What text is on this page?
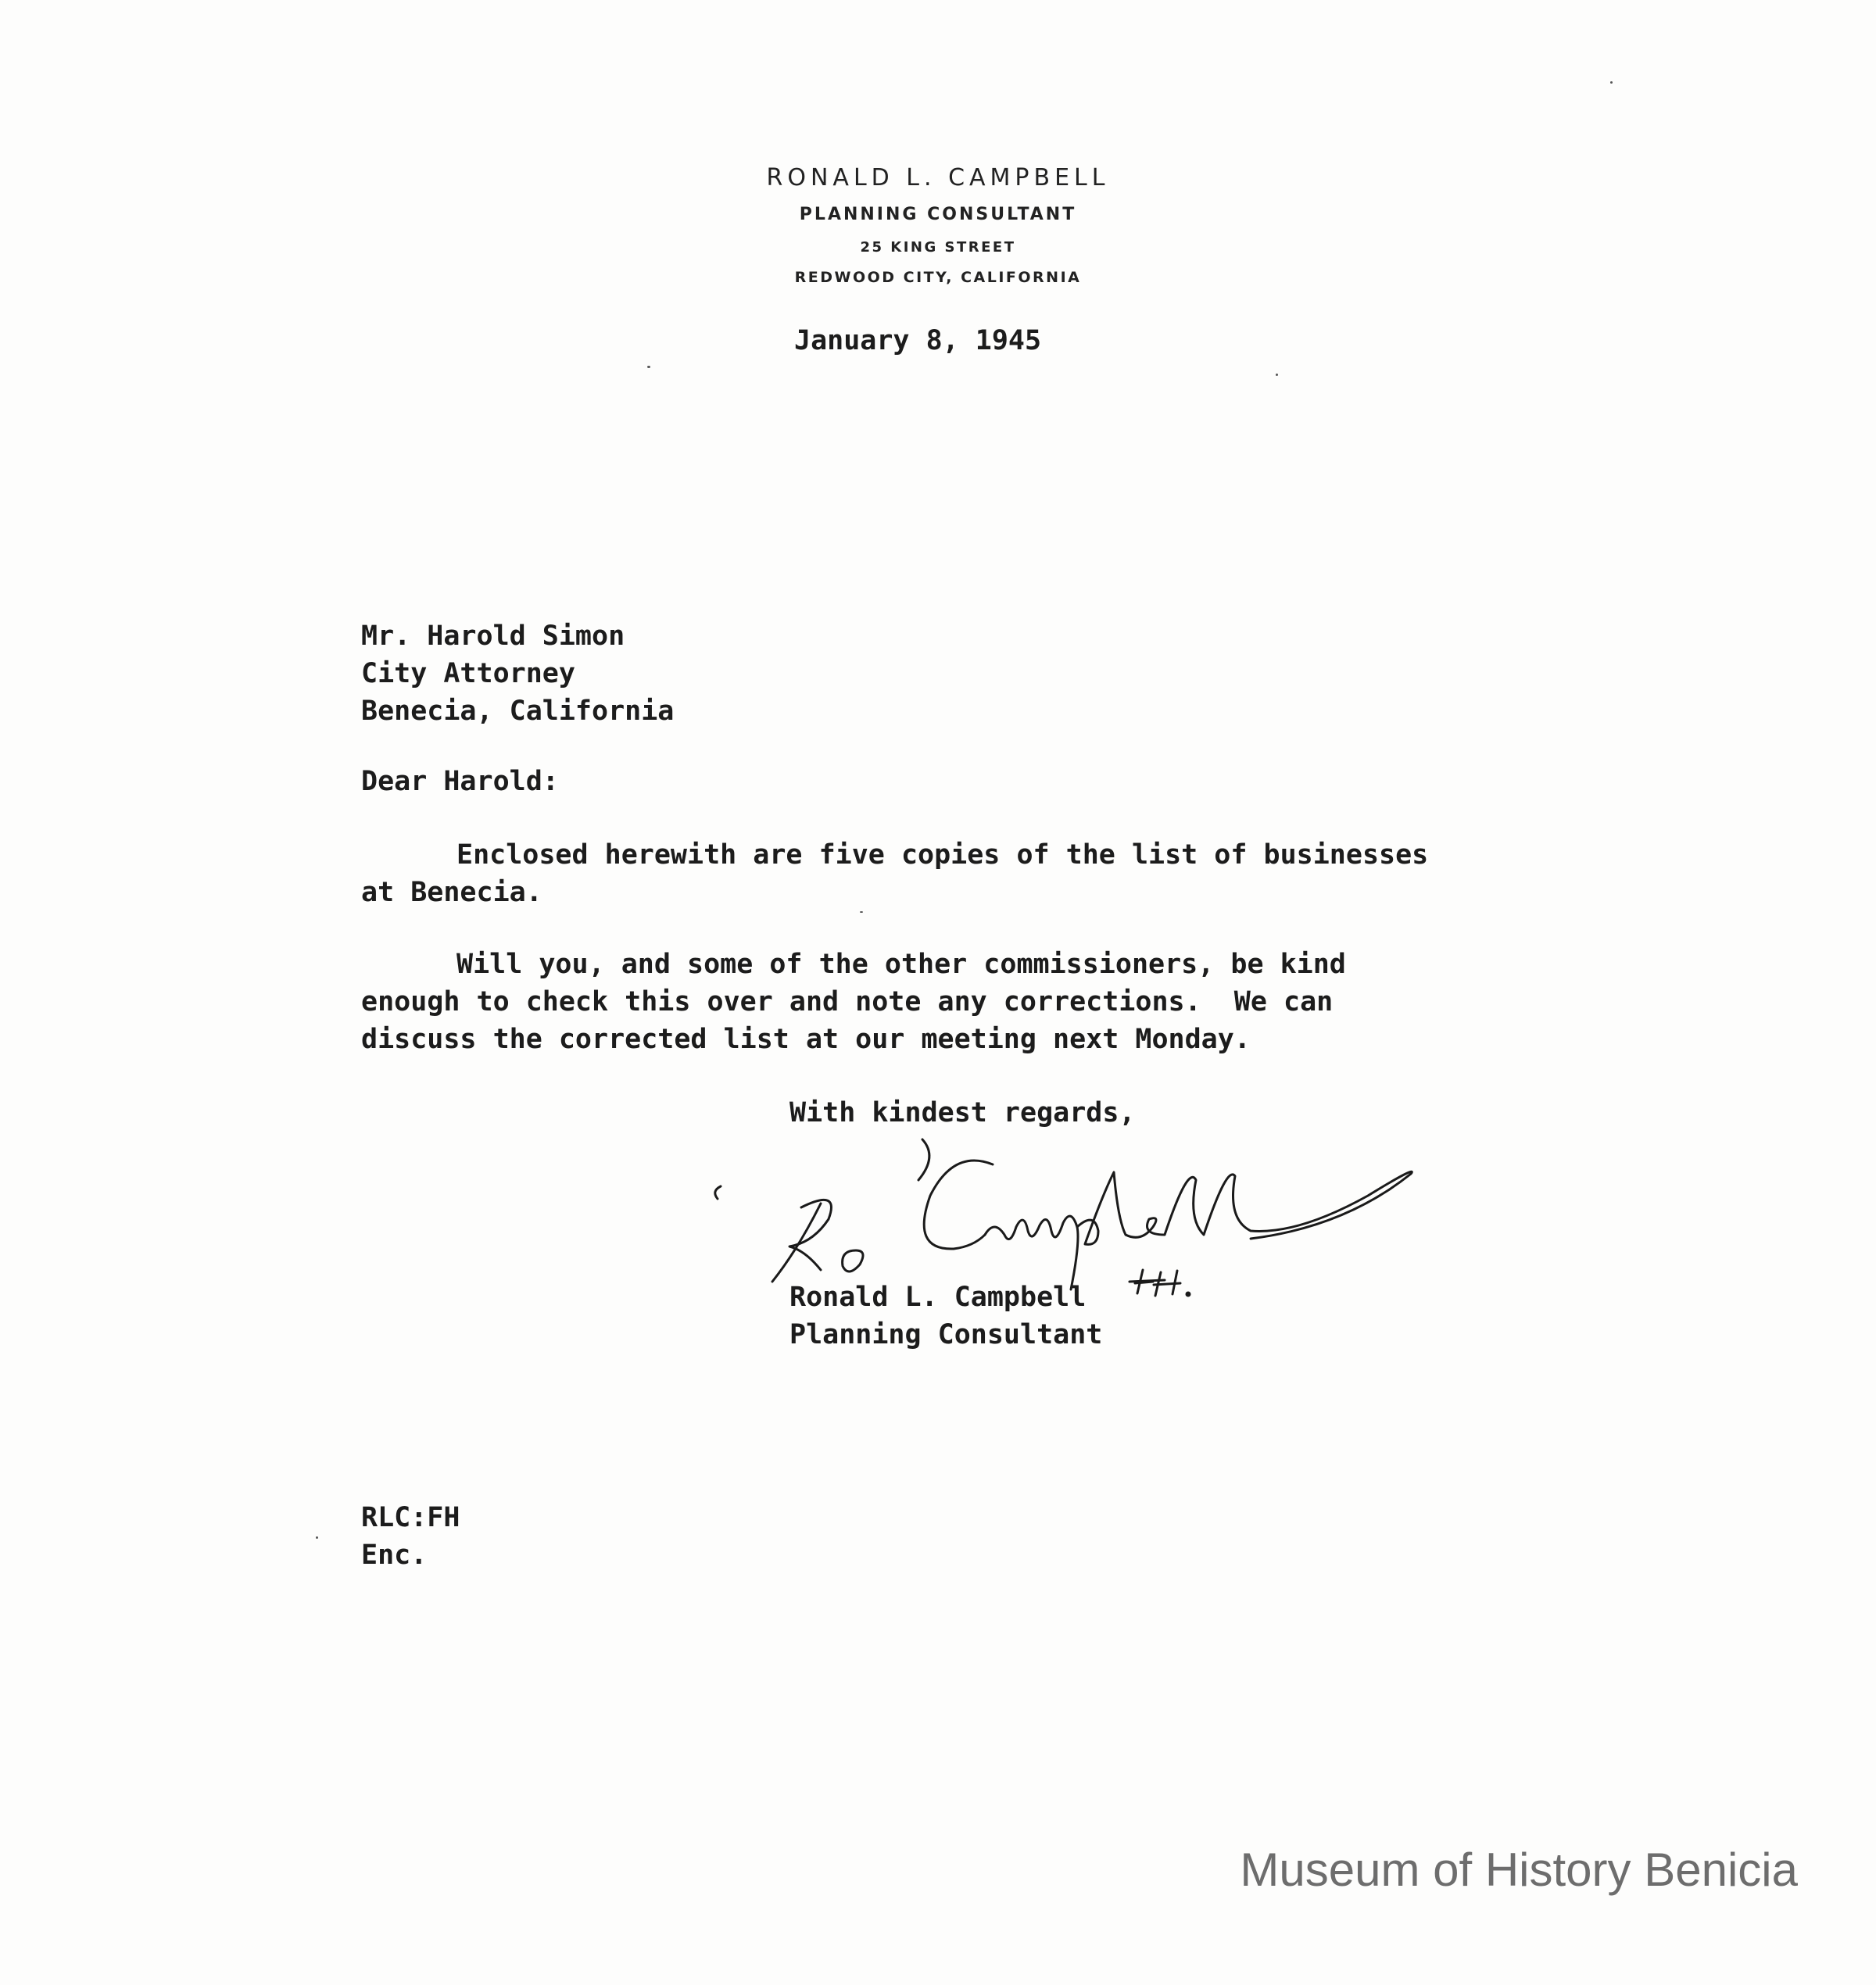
RONALD L. CAMPBELL
PLANNING CONSULTANT
25 KING STREET
REDWOOD CITY, CALIFORNIA
January 8, 1945
Mr. Harold Simon
City Attorney
Benecia, California
Dear Harold:
Enclosed herewith are five copies of the list of businesses
at Benecia.
Will you, and some of the other commissioners, be kind
enough to check this over and note any corrections.  We can
discuss the corrected list at our meeting next Monday.
With kindest regards,
Ronald L. Campbell
Planning Consultant
RLC:FH
Enc.
Museum of History Benicia
